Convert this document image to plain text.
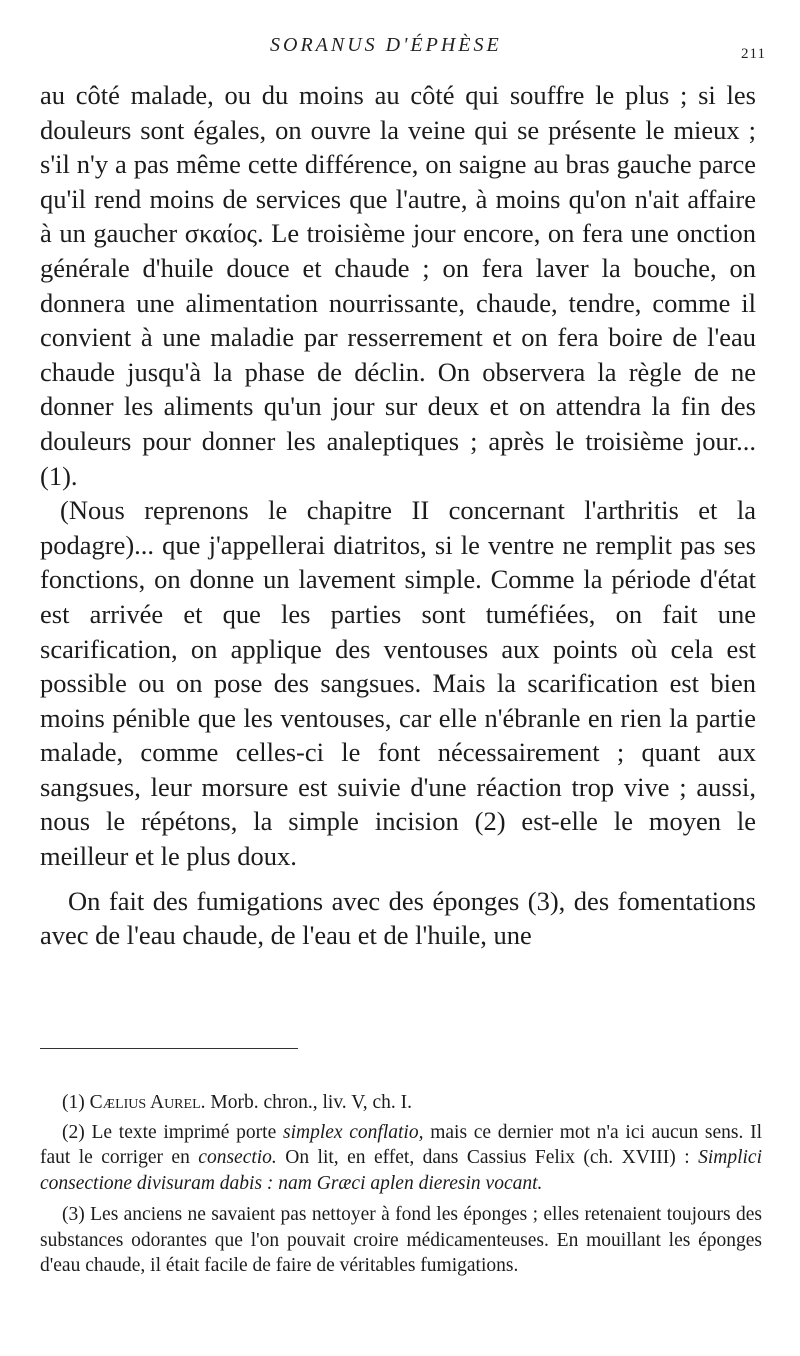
SORANUS D'ÉPHÈSE	211

au côté malade, ou du moins au côté qui souffre le plus ; si les douleurs sont égales, on ouvre la veine qui se présente le mieux ; s'il n'y a pas même cette différence, on saigne au bras gauche parce qu'il rend moins de services que l'autre, à moins qu'on n'ait affaire à un gaucher σκαίος. Le troisième jour encore, on fera une onction générale d'huile douce et chaude ; on fera laver la bouche, on donnera une alimentation nourrissante, chaude, tendre, comme il convient à une maladie par resserrement et on fera boire de l'eau chaude jusqu'à la phase de déclin. On observera la règle de ne donner les aliments qu'un jour sur deux et on attendra la fin des douleurs pour donner les analeptiques ; après le troisième jour... (1).

(Nous reprenons le chapitre II concernant l'arthritis et la podagre)... que j'appellerai diatritos, si le ventre ne remplit pas ses fonctions, on donne un lavement simple. Comme la période d'état est arrivée et que les parties sont tuméfiées, on fait une scarification, on applique des ventouses aux points où cela est possible ou on pose des sangsues. Mais la scarification est bien moins pénible que les ventouses, car elle n'ébranle en rien la partie malade, comme celles-ci le font nécessairement ; quant aux sangsues, leur morsure est suivie d'une réaction trop vive ; aussi, nous le répétons, la simple incision (2) est-elle le moyen le meilleur et le plus doux.

On fait des fumigations avec des éponges (3), des fomentations avec de l'eau chaude, de l'eau et de l'huile, une

(1) Cælius Aurel. Morb. chron., liv. V, ch. I.

(2) Le texte imprimé porte simplex conflatio, mais ce dernier mot n'a ici aucun sens. Il faut le corriger en consectio. On lit, en effet, dans Cassius Felix (ch. XVIII) : Simplici consectione divisuram dabis : nam Græci aplen dieresin vocant.

(3) Les anciens ne savaient pas nettoyer à fond les éponges ; elles retenaient toujours des substances odorantes que l'on pouvait croire médicamenteuses. En mouillant les éponges d'eau chaude, il était facile de faire de véritables fumigations.
